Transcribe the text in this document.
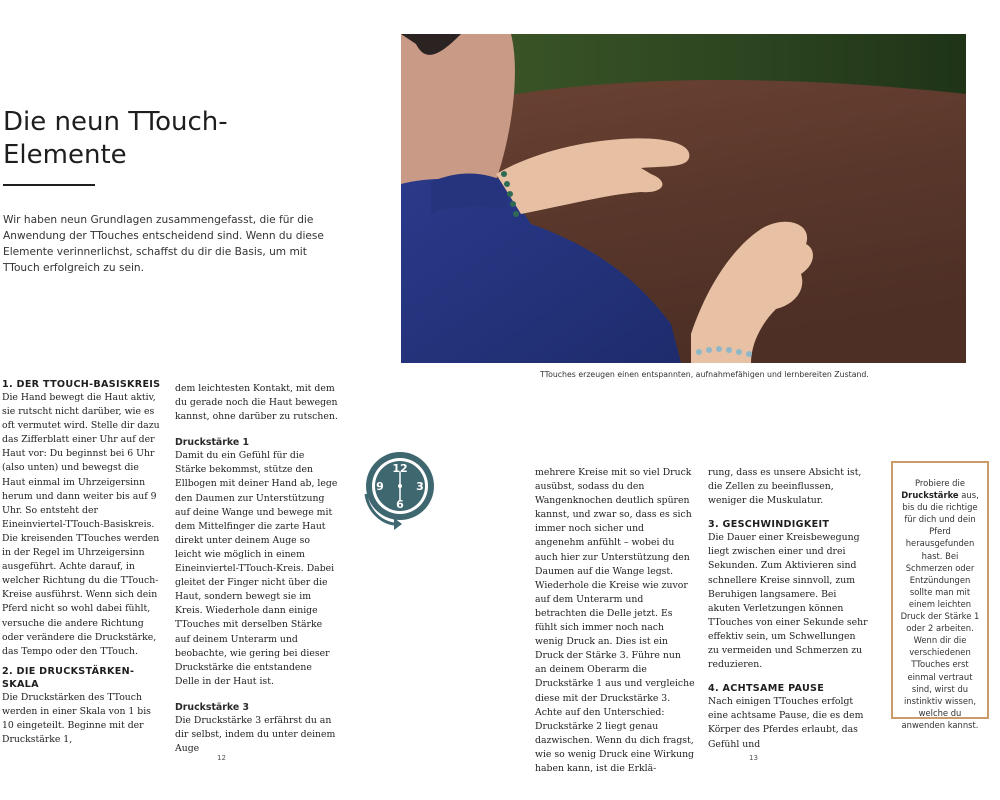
Die neun TTouch-Elemente
Wir haben neun Grundlagen zusammengefasst, die für die Anwendung der TTouches entscheidend sind. Wenn du diese Elemente verinnerlichst, schaffst du dir die Basis, um mit TTouch erfolgreich zu sein.
TTouches erzeugen einen entspannten, aufnahmefähigen und lernbereiten Zustand.

1. DER TTOUCH-BASISKREIS

Die Hand bewegt die Haut aktiv, sie rutscht nicht darüber, wie es oft vermutet wird. Stelle dir dazu das Zifferblatt einer Uhr auf der Haut vor: Du beginnst bei 6 Uhr (also unten) und bewegst die Haut einmal im Uhrzeigersinn herum und dann weiter bis auf 9 Uhr. So entsteht der Eineinviertel-TTouch-Basiskreis. Die kreisenden TTouches werden in der Regel im Uhrzeigersinn ausgeführt. Achte darauf, in welcher Richtung du die TTouch-Kreise ausführst. Wenn sich dein Pferd nicht so wohl dabei fühlt, versuche die andere Richtung oder verändere die Druckstärke, das Tempo oder den TTouch.

2. DIE DRUCKSTÄRKEN-SKALA

Die Druckstärken des TTouch werden in einer Skala von 1 bis 10 eingeteilt. Beginne mit der Druckstärke 1,

dem leichtesten Kontakt, mit dem du gerade noch die Haut bewegen kannst, ohne darüber zu rutschen.

Druckstärke 1

Damit du ein Gefühl für die Stärke bekommst, stütze den Ellbogen mit deiner Hand ab, lege den Daumen zur Unterstützung auf deine Wange und bewege mit dem Mittelfinger die zarte Haut direkt unter deinem Auge so leicht wie möglich in einem Eineinviertel-TTouch-Kreis. Dabei gleitet der Finger nicht über die Haut, sondern bewegt sie im Kreis. Wiederhole dann einige TTouches mit derselben Stärke auf deinem Unterarm und beobachte, wie gering bei dieser Druckstärke die entstandene Delle in der Haut ist.

Druckstärke 3

Die Druckstärke 3 erfährst du an dir selbst, indem du unter deinem Auge

12
3
6
9

mehrere Kreise mit so viel Druck ausübst, sodass du den Wangenknochen deutlich spüren kannst, und zwar so, dass es sich immer noch sicher und angenehm anfühlt – wobei du auch hier zur Unterstützung den Daumen auf die Wange legst. Wiederhole die Kreise wie zuvor auf dem Unterarm und betrachten die Delle jetzt. Es fühlt sich immer noch nach wenig Druck an. Dies ist ein Druck der Stärke 3. Führe nun an deinem Oberarm die Druckstärke 1 aus und vergleiche diese mit der Druckstärke 3. Achte auf den Unterschied: Druckstärke 2 liegt genau dazwischen. Wenn du dich fragst, wie so wenig Druck eine Wirkung haben kann, ist die Erklä-

rung, dass es unsere Absicht ist, die Zellen zu beeinflussen, weniger die Muskulatur.

3. GESCHWINDIGKEIT

Die Dauer einer Kreisbewegung liegt zwischen einer und drei Sekunden. Zum Aktivieren sind schnellere Kreise sinnvoll, zum Beruhigen langsamere. Bei akuten Verletzungen können TTouches von einer Sekunde sehr effektiv sein, um Schwellungen zu vermeiden und Schmerzen zu reduzieren.

4. ACHTSAME PAUSE

Nach einigen TTouches erfolgt eine achtsame Pause, die es dem Körper des Pferdes erlaubt, das Gefühl und

Probiere die Druckstärke aus, bis du die richtige für dich und dein Pferd herausgefunden hast. Bei Schmerzen oder Entzündungen sollte man mit einem leichten Druck der Stärke 1 oder 2 arbeiten. Wenn dir die verschiedenen TTouches erst einmal vertraut sind, wirst du instinktiv wissen, welche du anwenden kannst.
12	13
